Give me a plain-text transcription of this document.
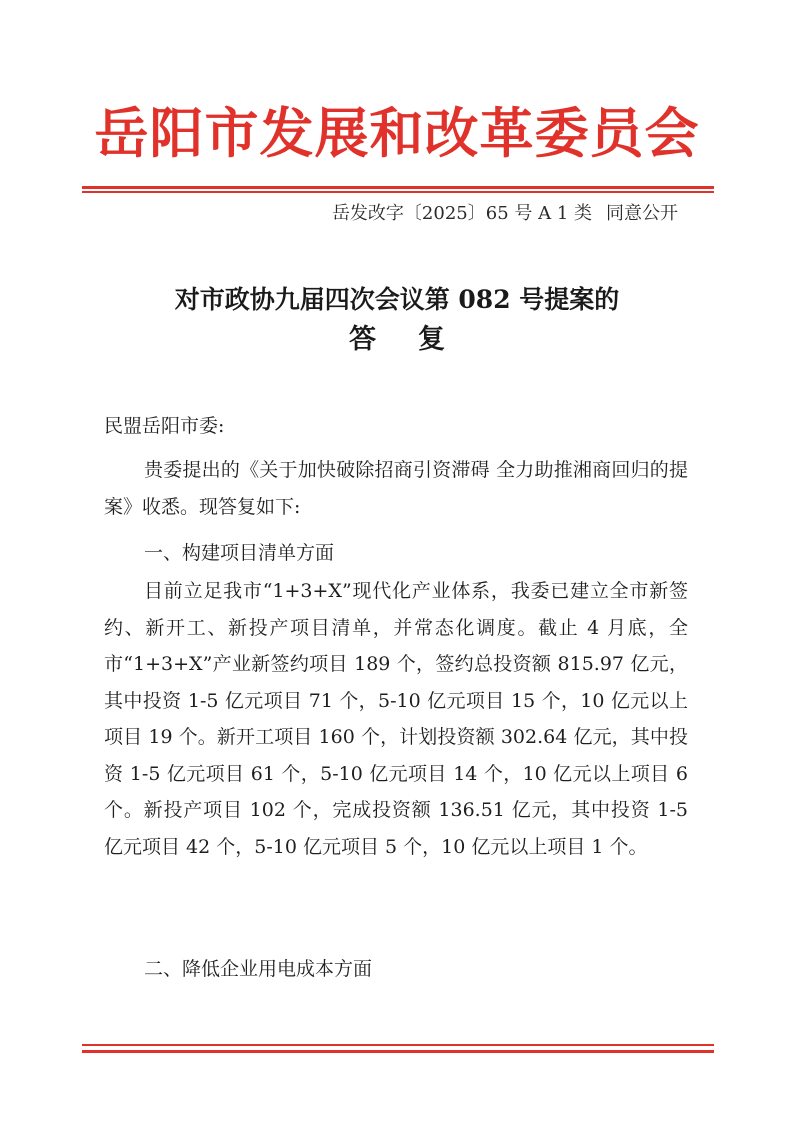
岳阳市发展和改革委员会
岳发改字〔2025〕65 号 A 1 类 同意公开
对市政协九届四次会议第 082 号提案的
答复
民盟岳阳市委:
贵委提出的《关于加快破除招商引资滞碍 全力助推湘商回归的提案》收悉。现答复如下:
一、构建项目清单方面
目前立足我市“1+3+X”现代化产业体系，我委已建立全市新签约、新开工、新投产项目清单，并常态化调度。截止 4 月底，全市“1+3+X”产业新签约项目 189 个，签约总投资额 815.97 亿元，其中投资 1-5 亿元项目 71 个，5-10 亿元项目 15 个，10 亿元以上项目 19 个。新开工项目 160 个，计划投资额 302.64 亿元，其中投资 1-5 亿元项目 61 个，5-10 亿元项目 14 个，10 亿元以上项目 6 个。新投产项目 102 个，完成投资额 136.51 亿元，其中投资 1-5 亿元项目 42 个，5-10 亿元项目 5 个，10 亿元以上项目 1 个。
二、降低企业用电成本方面
